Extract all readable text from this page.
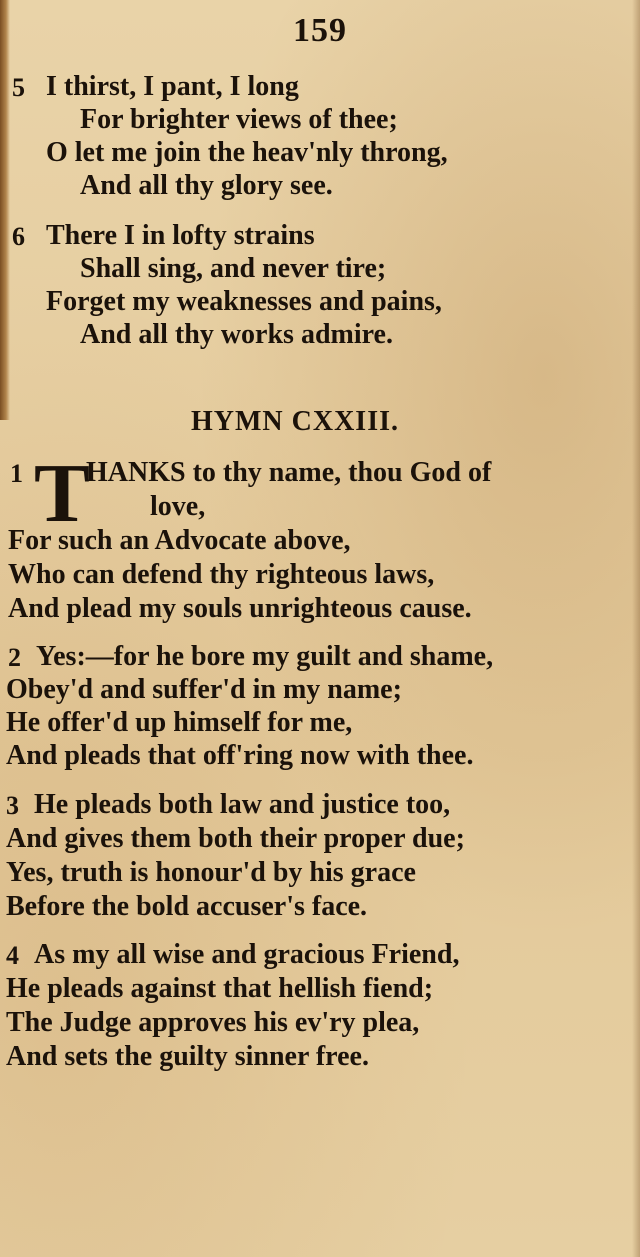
159
5 I thirst, I pant, I long
For brighter views of thee;
O let me join the heav'nly throng,
And all thy glory see.
6 There I in lofty strains
Shall sing, and never tire;
Forget my weaknesses and pains,
And all thy works admire.
HYMN CXXIII.
1 T
HANKS to thy name, thou God of
love,
For such an Advocate above,
Who can defend thy righteous laws,
And plead my souls unrighteous cause.
2 Yes:—for he bore my guilt and shame,
Obey'd and suffer'd in my name;
He offer'd up himself for me,
And pleads that off'ring now with thee.
3 He pleads both law and justice too,
And gives them both their proper due;
Yes, truth is honour'd by his grace
Before the bold accuser's face.
4 As my all wise and gracious Friend,
He pleads against that hellish fiend;
The Judge approves his ev'ry plea,
And sets the guilty sinner free.
